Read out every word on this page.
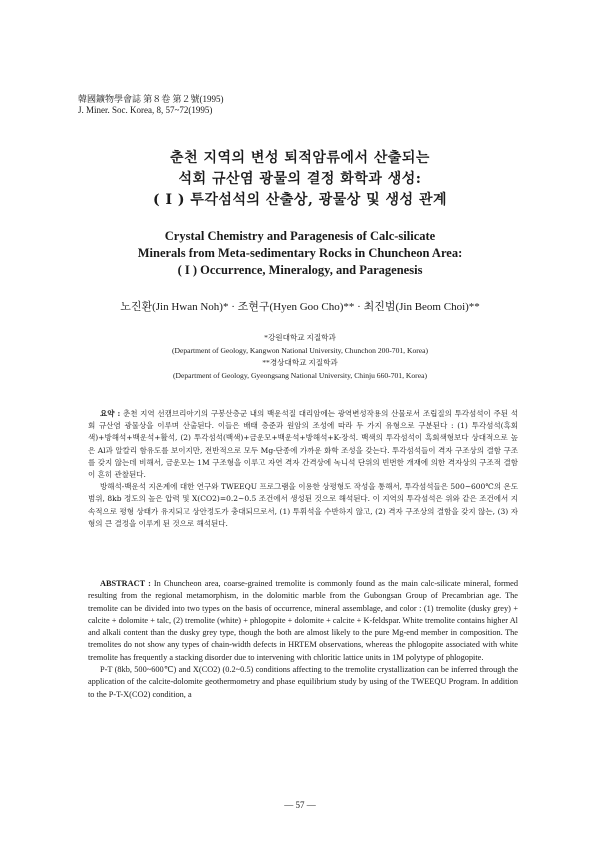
韓國鑛物學會誌 第８卷 第２號(1995)
J. Miner. Soc. Korea, 8, 57~72(1995)
춘천 지역의 변성 퇴적암류에서 산출되는
석회 규산염 광물의 결정 화학과 생성:
( I ) 투각섬석의 산출상, 광물상 및 생성 관계
Crystal Chemistry and Paragenesis of Calc-silicate
Minerals from Meta-sedimentary Rocks in Chuncheon Area:
( I ) Occurrence, Mineralogy, and Paragenesis
노진환(Jin Hwan Noh)* · 조현구(Hyen Goo Cho)** · 최진범(Jin Beom Choi)**
*강원대학교 지질학과
(Department of Geology, Kangwon National University, Chunchon 200-701, Korea)
**경상대학교 지질학과
(Department of Geology, Gyeongsang National University, Chinju 660-701, Korea)

요약 : 춘천 지역 선캠브리아기의 구봉산층군 내의 백운석질 대리암에는 광역변성작용의 산물로서 조립질의 투각섬석이 주된 석회 규산염 광물상을 이루며 산출된다. 이들은 배태 층준과 원암의 조성에 따라 두 가지 유형으로 구분된다 : (1) 투각섬석(흑회색)+방해석+백운석+활석, (2) 투각섬석(백색)+금운모+백운석+방해석+K-장석. 백색의 투각섬석이 흑회색형보다 상대적으로 높은 Al과 알칼리 함유도를 보이지만, 전반적으로 모두 Mg-단종에 가까운 화학 조성을 갖는다. 투각섬석들이 격자 구조상의 결함 구조를 갖지 않는데 비해서, 금운모는 1M 구조형을 이루고 자연 격자 간격상에 녹니석 단위의 빈번한 개재에 의한 격자상의 구조적 결함이 흔히 관찰된다.

방해석-백운석 지온계에 대한 연구와 TWEEQU 프로그램을 이용한 상평형도 작성을 통해서, 투각섬석들은 500~600℃의 온도 범위, 8kb 정도의 높은 압력 및 X(CO2)=0.2~0.5 조건에서 생성된 것으로 해석된다. 이 지역의 투각섬석은 위와 같은 조건에서 지속적으로 평형 상태가 유지되고 상안정도가 충대되므로서, (1) 투휘석을 수반하지 않고, (2) 격자 구조상의 결함을 갖지 않는, (3) 자형의 큰 결정을 이루게 된 것으로 해석된다.

ABSTRACT : In Chuncheon area, coarse-grained tremolite is commonly found as the main calc-silicate mineral, formed resulting from the regional metamorphism, in the dolomitic marble from the Gubongsan Group of Precambrian age. The tremolite can be divided into two types on the basis of occurrence, mineral assemblage, and color : (1) tremolite (dusky grey) + calcite + dolomite + talc, (2) tremolite (white) + phlogopite + dolomite + calcite + K-feldspar. White tremolite contains higher Al and alkali content than the dusky grey type, though the both are almost likely to the pure Mg-end member in composition. The tremolites do not show any types of chain-width defects in HRTEM observations, whereas the phlogopite associated with white tremolite has frequently a stacking disorder due to intervening with chloritic lattice units in 1M polytype of phlogopite.

P-T (8kb, 500~600℃) and X(CO2) (0.2~0.5) conditions affecting to the tremolite crystallization can be inferred through the application of the calcite-dolomite geothermometry and phase equilibrium study by using of the TWEEQU Program. In addition to the P-T-X(CO2) condition, a

— 57 —
